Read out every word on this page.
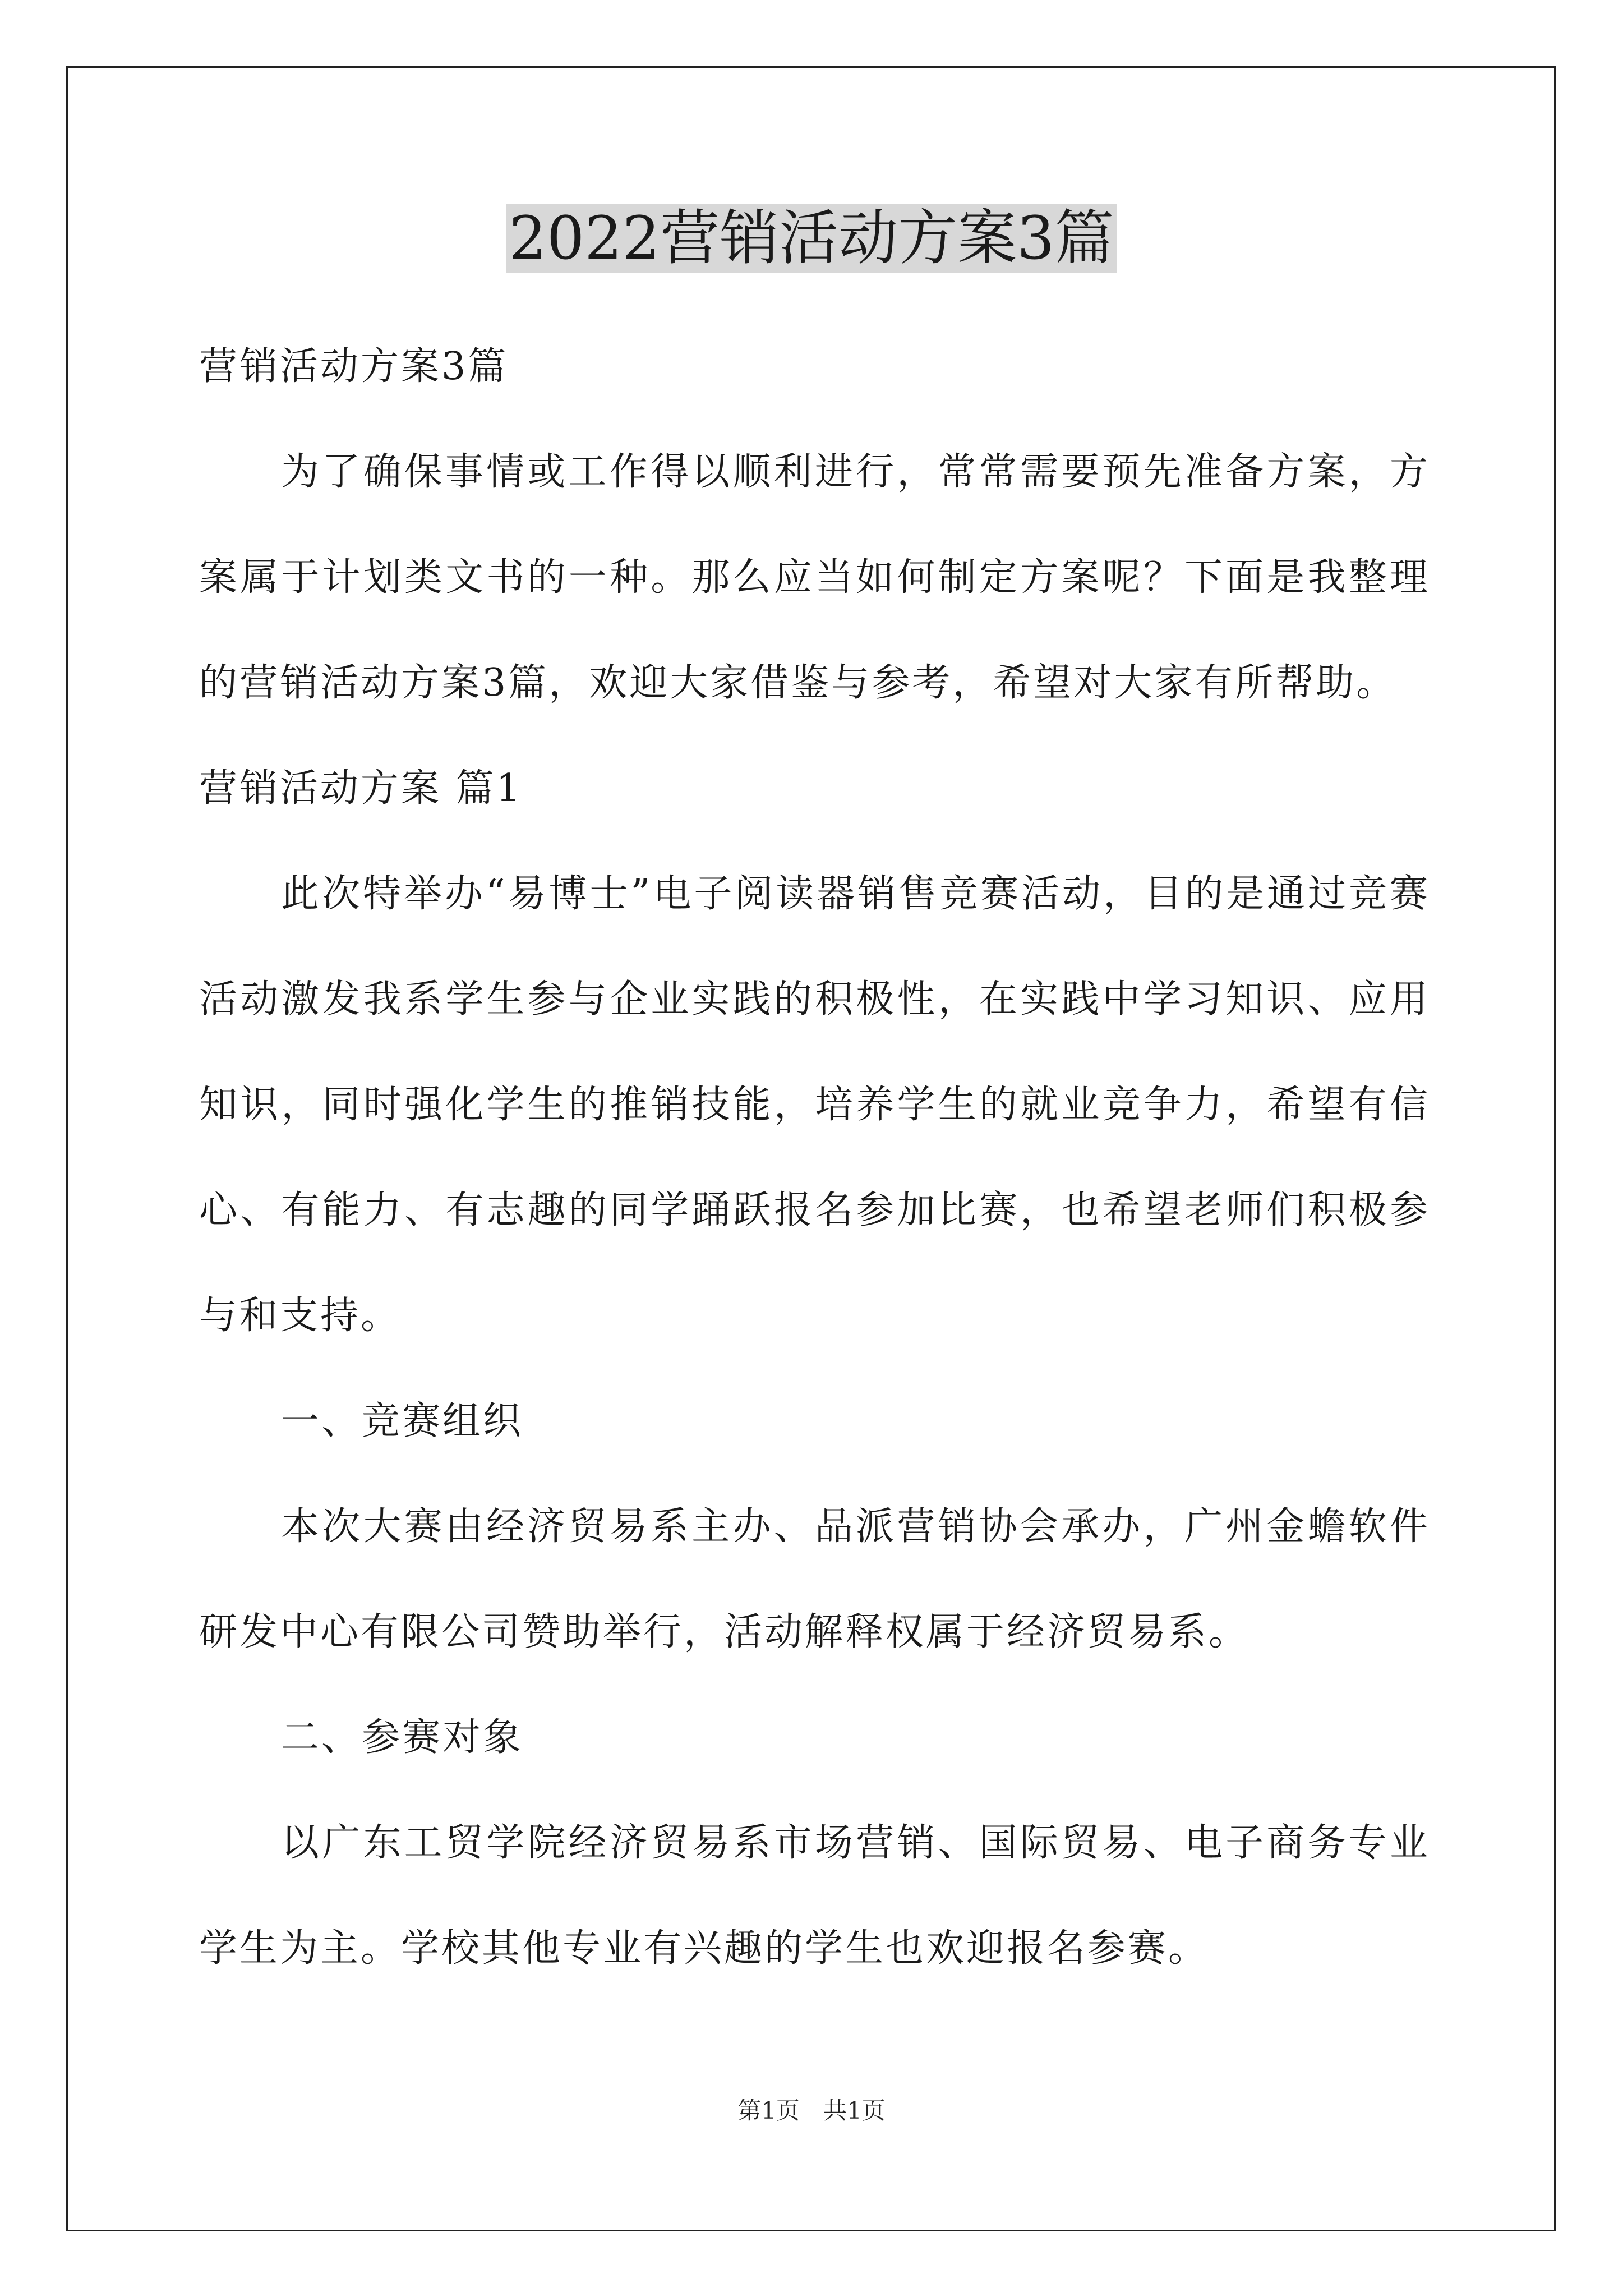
2022营销活动方案3篇

营销活动方案3篇

为了确保事情或工作得以顺利进行，常常需要预先准备方案，方案属于计划类文书的一种。那么应当如何制定方案呢？下面是我整理的营销活动方案3篇，欢迎大家借鉴与参考，希望对大家有所帮助。

营销活动方案 篇1

此次特举办“易博士”电子阅读器销售竞赛活动，目的是通过竞赛活动激发我系学生参与企业实践的积极性，在实践中学习知识、应用知识，同时强化学生的推销技能，培养学生的就业竞争力，希望有信心、有能力、有志趣的同学踊跃报名参加比赛，也希望老师们积极参与和支持。

一、竞赛组织

本次大赛由经济贸易系主办、品派营销协会承办，广州金蟾软件研发中心有限公司赞助举行，活动解释权属于经济贸易系。

二、参赛对象

以广东工贸学院经济贸易系市场营销、国际贸易、电子商务专业学生为主。学校其他专业有兴趣的学生也欢迎报名参赛。

第1页　共1页
